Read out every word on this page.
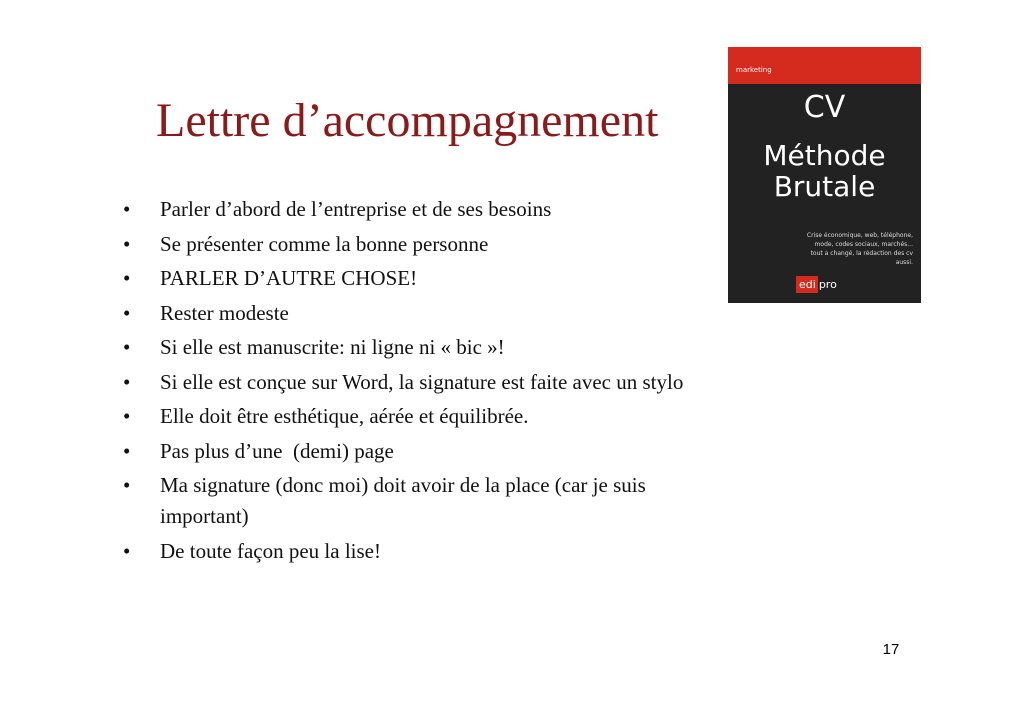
Lettre d’accompagnement
• Parler d’abord de l’entreprise et de ses besoins
• Se présenter comme la bonne personne
• PARLER D’AUTRE CHOSE!
• Rester modeste
• Si elle est manuscrite: ni ligne ni « bic »!
• Si elle est conçue sur Word, la signature est faite avec un stylo
• Elle doit être esthétique, aérée et équilibrée.
• Pas plus d’une  (demi) page
• Ma signature (donc moi) doit avoir de la place (car je suis important)
• De toute façon peu la lise!
marketing
CV
Méthode
Brutale
Crise économique, web, téléphone,
mode, codes sociaux, marchés...
tout a changé, la rédaction des cv aussi.
edi pro
17
